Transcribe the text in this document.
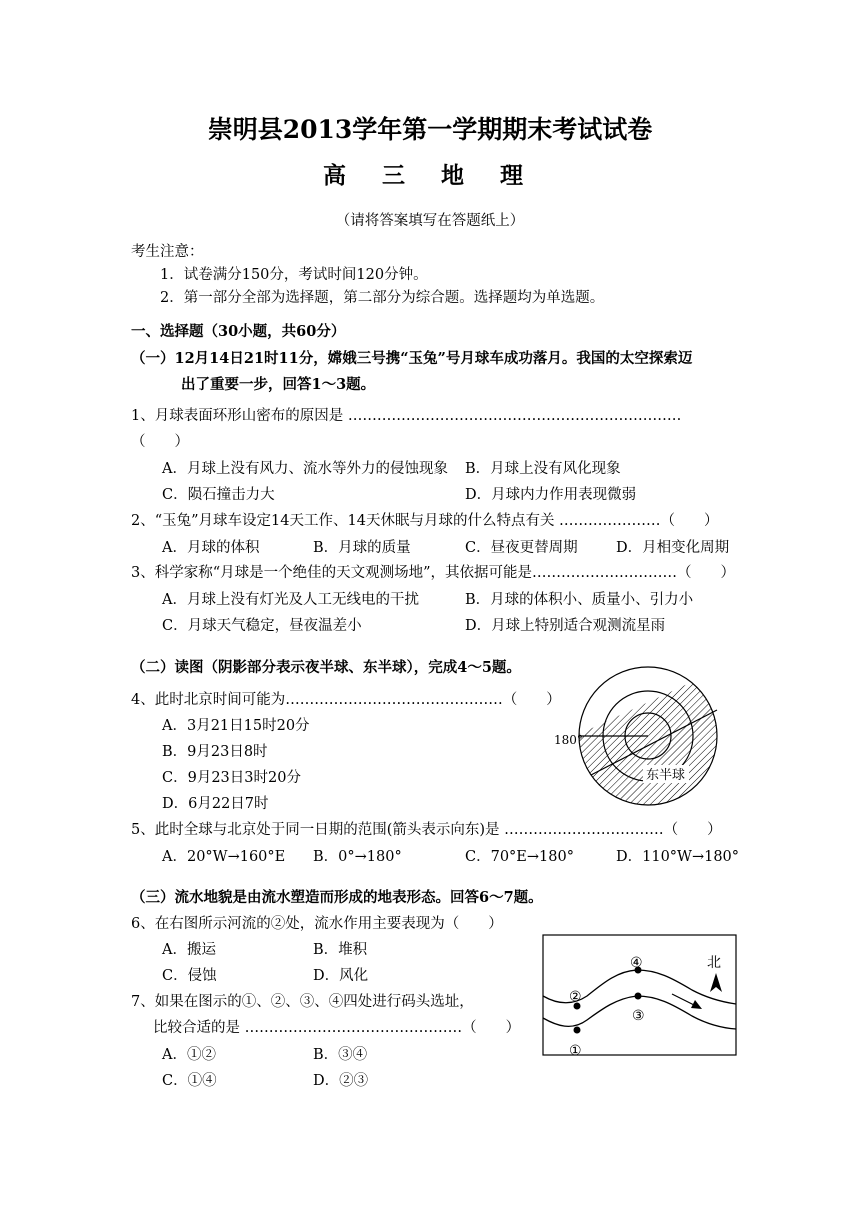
崇明县2013学年第一学期期末考试试卷
高 三 地 理
（请将答案填写在答题纸上）
考生注意：
1．试卷满分150分，考试时间120分钟。
2．第一部分全部为选择题，第二部分为综合题。选择题均为单选题。
一、选择题（30小题，共60分）
（一）12月14日21时11分，嫦娥三号携“玉兔”号月球车成功落月。我国的太空探索迈
出了重要一步，回答1～3题。
1、月球表面环形山密布的原因是 ……………………………………………………………
（　　）
A．月球上没有风力、流水等外力的侵蚀现象 B．月球上没有风化现象
C．陨石撞击力大	D．月球内力作用表现微弱
2、“玉兔”月球车设定14天工作、14天休眠与月球的什么特点有关 …………………（　　）
A．月球的体积	B．月球的质量	C．昼夜更替周期	D．月相变化周期
3、科学家称“月球是一个绝佳的天文观测场地”，其依据可能是…………………………（　　）
A．月球上没有灯光及人工无线电的干扰	B．月球的体积小、质量小、引力小
C．月球天气稳定，昼夜温差小	D．月球上特别适合观测流星雨
（二）读图（阴影部分表示夜半球、东半球），完成4～5题。
4、此时北京时间可能为………………………………………（　　）
A．3月21日15时20分
B．9月23日8时
C．9月23日3时20分
D．6月22日7时
180°
东半球
5、此时全球与北京处于同一日期的范围(箭头表示向东)是 ……………………………（　　）
A．20°W→160°E B．0°→180°	C．70°E→180°	D．110°W→180°
（三）流水地貌是由流水塑造而形成的地表形态。回答6～7题。
6、在右图所示河流的②处，流水作用主要表现为（　　）
A．搬运	B．堆积
C．侵蚀	D．风化
7、如果在图示的①、②、③、④四处进行码头选址，
比较合适的是 ………………………………………（　　）
A．①②	B．③④
C．①④	D．②③
北
①
②
③
④
